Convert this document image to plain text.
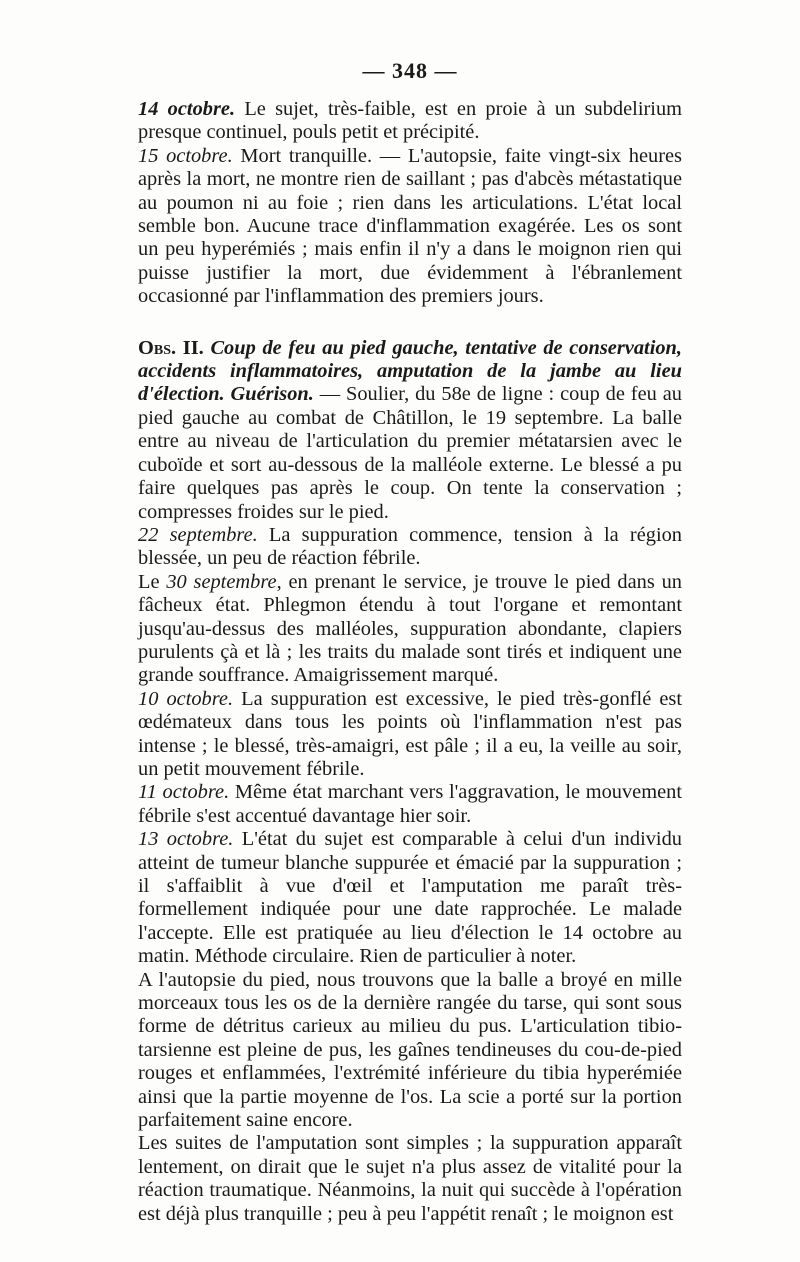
— 348 —

14 octobre. Le sujet, très-faible, est en proie à un subdelirium presque continuel, pouls petit et précipité.

15 octobre. Mort tranquille. — L'autopsie, faite vingt-six heures après la mort, ne montre rien de saillant ; pas d'abcès métastatique au poumon ni au foie ; rien dans les articulations. L'état local semble bon. Aucune trace d'inflammation exagérée. Les os sont un peu hyperémiés ; mais enfin il n'y a dans le moignon rien qui puisse justifier la mort, due évidemment à l'ébranlement occasionné par l'inflammation des premiers jours.

Obs. II. Coup de feu au pied gauche, tentative de conservation, accidents inflammatoires, amputation de la jambe au lieu d'élection. Guérison. — Soulier, du 58e de ligne : coup de feu au pied gauche au combat de Châtillon, le 19 septembre. La balle entre au niveau de l'articulation du premier métatarsien avec le cuboïde et sort au-dessous de la malléole externe. Le blessé a pu faire quelques pas après le coup. On tente la conservation ; compresses froides sur le pied.

22 septembre. La suppuration commence, tension à la région blessée, un peu de réaction fébrile.

Le 30 septembre, en prenant le service, je trouve le pied dans un fâcheux état. Phlegmon étendu à tout l'organe et remontant jusqu'au-dessus des malléoles, suppuration abondante, clapiers purulents çà et là ; les traits du malade sont tirés et indiquent une grande souffrance. Amaigrissement marqué.

10 octobre. La suppuration est excessive, le pied très-gonflé est œdémateux dans tous les points où l'inflammation n'est pas intense ; le blessé, très-amaigri, est pâle ; il a eu, la veille au soir, un petit mouvement fébrile.

11 octobre. Même état marchant vers l'aggravation, le mouvement fébrile s'est accentué davantage hier soir.

13 octobre. L'état du sujet est comparable à celui d'un individu atteint de tumeur blanche suppurée et émacié par la suppuration ; il s'affaiblit à vue d'œil et l'amputation me paraît très-formellement indiquée pour une date rapprochée. Le malade l'accepte. Elle est pratiquée au lieu d'élection le 14 octobre au matin. Méthode circulaire. Rien de particulier à noter.

A l'autopsie du pied, nous trouvons que la balle a broyé en mille morceaux tous les os de la dernière rangée du tarse, qui sont sous forme de détritus carieux au milieu du pus. L'articulation tibio-tarsienne est pleine de pus, les gaînes tendineuses du cou-de-pied rouges et enflammées, l'extrémité inférieure du tibia hyperémiée ainsi que la partie moyenne de l'os. La scie a porté sur la portion parfaitement saine encore.

Les suites de l'amputation sont simples ; la suppuration apparaît lentement, on dirait que le sujet n'a plus assez de vitalité pour la réaction traumatique. Néanmoins, la nuit qui succède à l'opération est déjà plus tranquille ; peu à peu l'appétit renaît ; le moignon est
